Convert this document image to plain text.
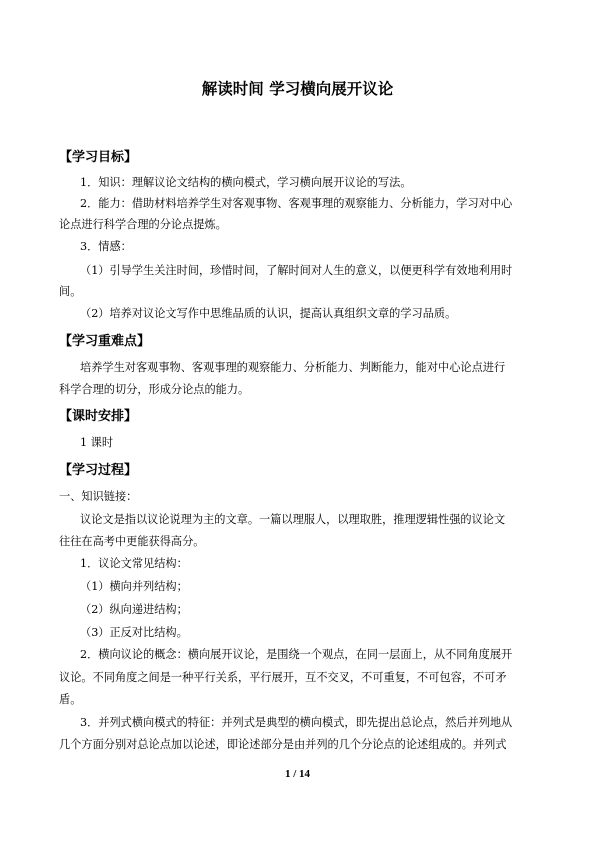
解读时间 学习横向展开议论
【学习目标】
1．知识：理解议论文结构的横向模式，学习横向展开议论的写法。
2．能力：借助材料培养学生对客观事物、客观事理的观察能力、分析能力，学习对中心
论点进行科学合理的分论点提炼。
3．情感：
（1）引导学生关注时间，珍惜时间，了解时间对人生的意义，以便更科学有效地利用时
间。
（2）培养对议论文写作中思维品质的认识，提高认真组织文章的学习品质。
【学习重难点】
培养学生对客观事物、客观事理的观察能力、分析能力、判断能力，能对中心论点进行
科学合理的切分，形成分论点的能力。
【课时安排】
1 课时
【学习过程】
一、知识链接：
议论文是指以议论说理为主的文章。一篇以理服人，以理取胜，推理逻辑性强的议论文
往往在高考中更能获得高分。
1．议论文常见结构：
（1）横向并列结构；
（2）纵向递进结构；
（3）正反对比结构。
2．横向议论的概念：横向展开议论，是围绕一个观点，在同一层面上，从不同角度展开
议论。不同角度之间是一种平行关系，平行展开，互不交叉，不可重复，不可包容，不可矛
盾。
3．并列式横向模式的特征：并列式是典型的横向模式，即先提出总论点，然后并列地从
几个方面分别对总论点加以论述，即论述部分是由并列的几个分论点的论述组成的。并列式
1 / 14
